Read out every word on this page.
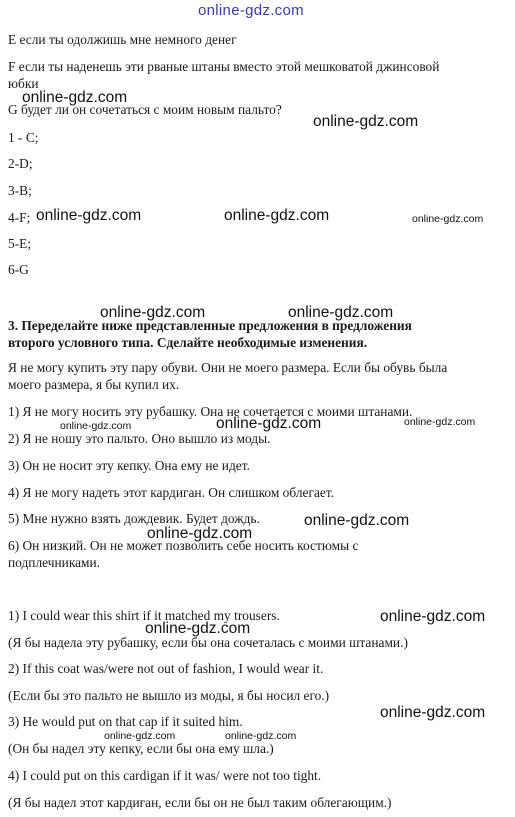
online-gdz.com
E если ты одолжишь мне немного денег
F если ты наденешь эти рваные штаны вместо этой мешковатой джинсовой
юбки
G будет ли он сочетаться с моим новым пальто?
1 - C;
2-D;
3-B;
4-F;
5-E;
6-G
3. Переделайте ниже представленные предложения в предложения
второго условного типа. Сделайте необходимые изменения.
Я не могу купить эту пару обуви. Они не моего размера. Если бы обувь была
моего размера, я бы купил их.
1) Я не могу носить эту рубашку. Она не сочетается с моими штанами.
2) Я не ношу это пальто. Оно вышло из моды.
3) Он не носит эту кепку. Она ему не идет.
4) Я не могу надеть этот кардиган. Он слишком облегает.
5) Мне нужно взять дождевик. Будет дождь.
6) Он низкий. Он не может позволить себе носить костюмы с
подплечниками.
1) I could wear this shirt if it matched my trousers.
(Я бы надела эту рубашку, если бы она сочеталась с моими штанами.)
2) If this coat was/were not out of fashion, I would wear it.
(Если бы это пальто не вышло из моды, я бы носил его.)
3) He would put on that cap if it suited him.
(Он бы надел эту кепку, если бы она ему шла.)
4) I could put on this cardigan if it was/ were not too tight.
(Я бы надел этот кардиган, если бы он не был таким облегающим.)
online-gdz.com
online-gdz.com
online-gdz.com	online-gdz.com	online-gdz.com
online-gdz.com	online-gdz.com
online-gdz.com	online-gdz.com	online-gdz.com
online-gdz.com
online-gdz.com
online-gdz.com
online-gdz.com
online-gdz.com
online-gdz.com	online-gdz.com
